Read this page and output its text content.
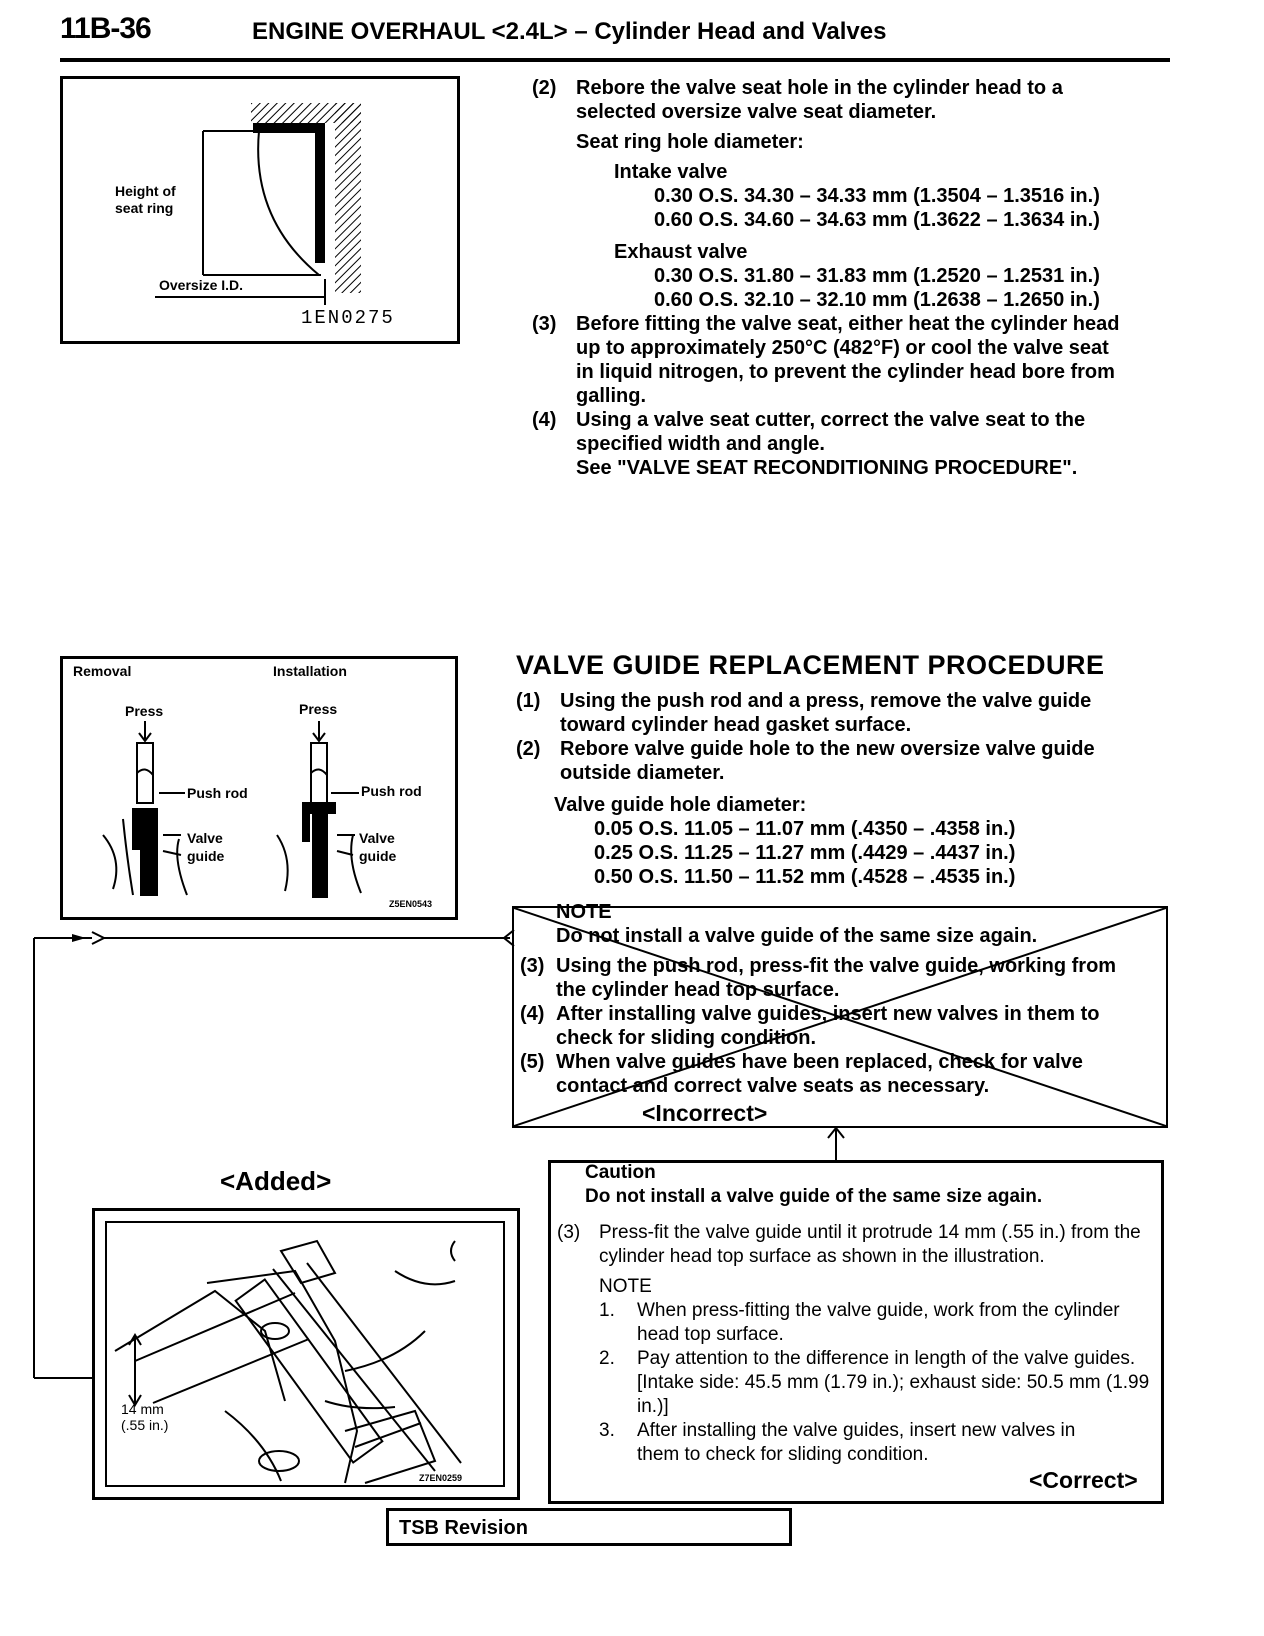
11B-36	ENGINE OVERHAUL <2.4L> – Cylinder Head and Valves
Height of seat ring
Oversize I.D.
1EN0275
(2) Rebore the valve seat hole in the cylinder head to a selected oversize valve seat diameter.
Seat ring hole diameter:
Intake valve
0.30 O.S. 34.30 – 34.33 mm (1.3504 – 1.3516 in.)
0.60 O.S. 34.60 – 34.63 mm (1.3622 – 1.3634 in.)
Exhaust valve
0.30 O.S. 31.80 – 31.83 mm (1.2520 – 1.2531 in.)
0.60 O.S. 32.10 – 32.10 mm (1.2638 – 1.2650 in.)
(3) Before fitting the valve seat, either heat the cylinder head up to approximately 250°C (482°F) or cool the valve seat in liquid nitrogen, to prevent the cylinder head bore from galling.
(4) Using a valve seat cutter, correct the valve seat to the specified width and angle.
See "VALVE SEAT RECONDITIONING PROCEDURE".
Removal	Installation
Press	Press
Push rod	Push rod
Valve guide
Valve guide
Z5EN0543
VALVE GUIDE REPLACEMENT PROCEDURE
(1) Using the push rod and a press, remove the valve guide toward cylinder head gasket surface.
(2) Rebore valve guide hole to the new oversize valve guide outside diameter.
Valve guide hole diameter:
0.05 O.S. 11.05 – 11.07 mm (.4350 – .4358 in.)
0.25 O.S. 11.25 – 11.27 mm (.4429 – .4437 in.)
0.50 O.S. 11.50 – 11.52 mm (.4528 – .4535 in.)
NOTE
Do not install a valve guide of the same size again.
(3) Using the push rod, press-fit the valve guide, working from the cylinder head top surface.
(4) After installing valve guides, insert new valves in them to check for sliding condition.
(5) When valve guides have been replaced, check for valve contact and correct valve seats as necessary.
<Incorrect>
<Added>
14 mm (.55 in.)
Z7EN0259
Caution
Do not install a valve guide of the same size again.
(3) Press-fit the valve guide until it protrude 14 mm (.55 in.) from the cylinder head top surface as shown in the illustration.
NOTE
1. When press-fitting the valve guide, work from the cylinder head top surface.
2. Pay attention to the difference in length of the valve guides. [Intake side: 45.5 mm (1.79 in.); exhaust side: 50.5 mm (1.99 in.)]
3. After installing the valve guides, insert new valves in them to check for sliding condition.
<Correct>
TSB Revision
